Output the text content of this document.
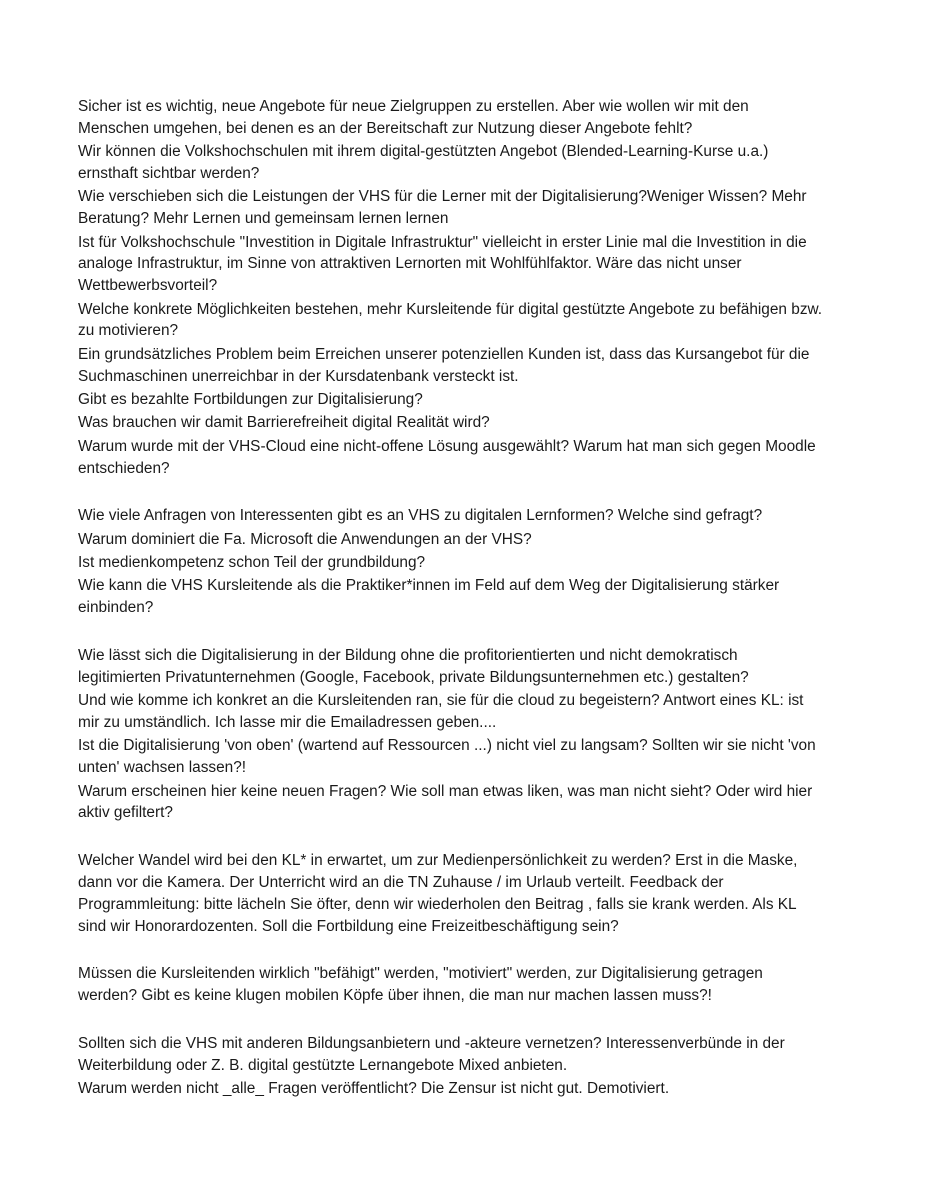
Sicher ist es wichtig, neue Angebote für neue Zielgruppen zu erstellen. Aber wie wollen wir mit den Menschen umgehen, bei denen es an der Bereitschaft zur Nutzung dieser Angebote fehlt?

Wir können die Volkshochschulen mit ihrem digital-gestützten Angebot (Blended-Learning-Kurse u.a.) ernsthaft sichtbar werden?

Wie verschieben sich die Leistungen der VHS für die Lerner mit der Digitalisierung?Weniger Wissen? Mehr Beratung? Mehr Lernen und gemeinsam lernen lernen

Ist für Volkshochschule "Investition in Digitale Infrastruktur" vielleicht in erster Linie mal die Investition in die analoge Infrastruktur, im Sinne von attraktiven Lernorten mit Wohlfühlfaktor. Wäre das nicht unser Wettbewerbsvorteil?

Welche konkrete Möglichkeiten bestehen, mehr Kursleitende für digital gestützte Angebote zu befähigen bzw. zu motivieren?

Ein grundsätzliches Problem beim Erreichen unserer potenziellen Kunden ist, dass das Kursangebot für die Suchmaschinen unerreichbar in der Kursdatenbank versteckt ist.

Gibt es bezahlte Fortbildungen zur Digitalisierung?

Was brauchen wir damit Barrierefreiheit digital Realität wird?

Warum wurde mit der VHS-Cloud eine nicht-offene Lösung ausgewählt? Warum hat man sich gegen Moodle entschieden?

Wie viele Anfragen von Interessenten gibt es an VHS zu digitalen Lernformen? Welche sind gefragt?

Warum dominiert die Fa. Microsoft die Anwendungen an der VHS?

Ist medienkompetenz schon Teil der grundbildung?

Wie kann die VHS Kursleitende als die Praktiker*innen im Feld auf dem Weg der Digitalisierung stärker einbinden?

Wie lässt sich die Digitalisierung in der Bildung ohne die profitorientierten und nicht demokratisch legitimierten Privatunternehmen (Google, Facebook, private Bildungsunternehmen etc.) gestalten?

Und wie komme ich konkret an die Kursleitenden ran, sie für die cloud zu begeistern? Antwort eines KL: ist mir zu umständlich. Ich lasse mir die Emailadressen geben....

Ist die Digitalisierung 'von oben' (wartend auf Ressourcen ...) nicht viel zu langsam? Sollten wir sie nicht 'von unten' wachsen lassen?!

Warum erscheinen hier keine neuen Fragen? Wie soll man etwas liken, was man nicht sieht? Oder wird hier aktiv gefiltert?

Welcher Wandel wird bei den KL* in erwartet, um zur Medienpersönlichkeit zu werden? Erst in die Maske, dann vor die Kamera. Der Unterricht wird an die TN Zuhause / im Urlaub verteilt. Feedback der Programmleitung: bitte lächeln Sie öfter, denn wir wiederholen den Beitrag , falls sie krank werden. Als KL sind wir Honorardozenten. Soll die Fortbildung eine Freizeitbeschäftigung sein?

Müssen die Kursleitenden wirklich "befähigt" werden, "motiviert" werden, zur Digitalisierung getragen werden? Gibt es keine klugen mobilen Köpfe über ihnen, die man nur machen lassen muss?!

Sollten sich die VHS mit anderen Bildungsanbietern und -akteure vernetzen? Interessenverbünde in der Weiterbildung oder Z. B. digital gestützte Lernangebote Mixed anbieten.

Warum werden nicht _alle_ Fragen veröffentlicht? Die Zensur ist nicht gut. Demotiviert.
